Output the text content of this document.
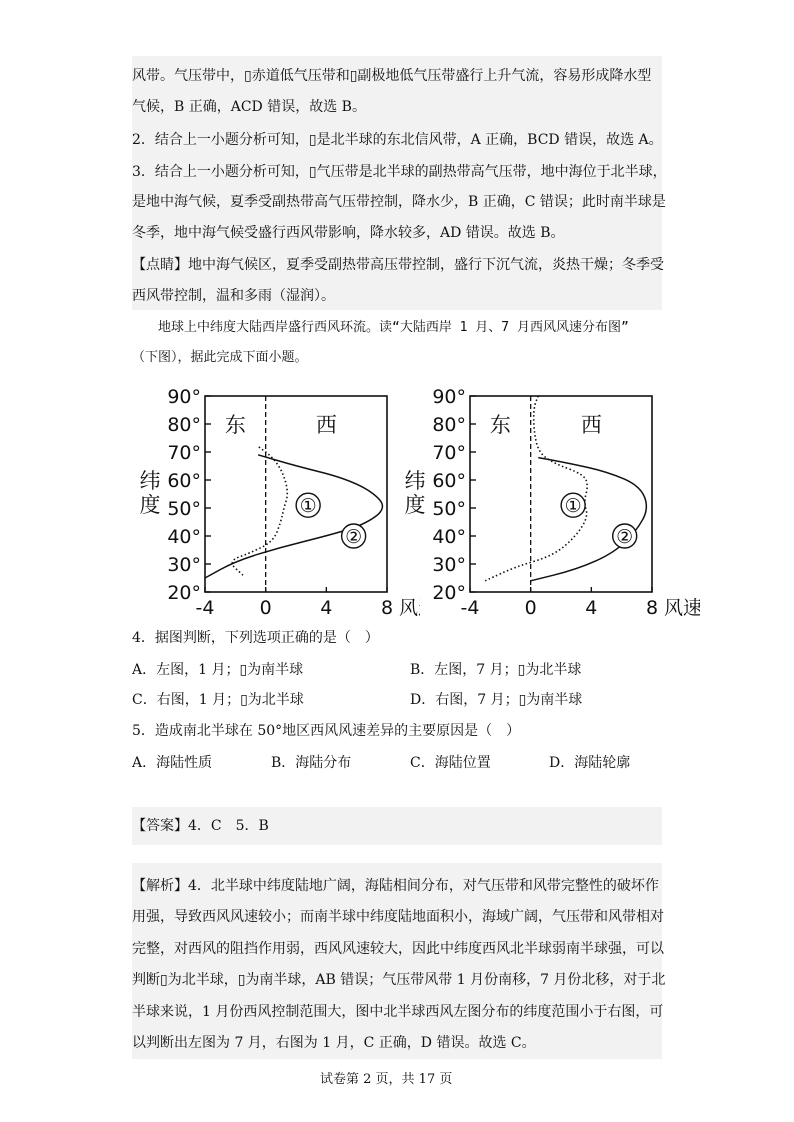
风带。气压带中，▯赤道低气压带和▯副极地低气压带盛行上升气流，容易形成降水型
气候，B 正确，ACD 错误，故选 B。
2．结合上一小题分析可知，▯是北半球的东北信风带，A 正确，BCD 错误，故选 A。
3．结合上一小题分析可知，▯气压带是北半球的副热带高气压带，地中海位于北半球，
是地中海气候，夏季受副热带高气压带控制，降水少，B 正确，C 错误；此时南半球是
冬季，地中海气候受盛行西风带影响，降水较多，AD 错误。故选 B。
【点睛】地中海气候区，夏季受副热带高压带控制，盛行下沉气流，炎热干燥；冬季受
西风带控制，温和多雨（湿润）。
地球上中纬度大陆西岸盛行西风环流。读“大陆西岸 1 月、7 月西风风速分布图”
（下图），据此完成下面小题。
20°
30°
40°
50°
60°
70°
80°
90°
-4 0	4	8 风
纬
度
东	西
①
②
20°
30°
40°
50°
60°
70°
80°
90°
-4 0	4	8 风速
纬
度
东	西
①
②
4．据图判断，下列选项正确的是（　）
A．左图，1 月；▯为南半球	B．左图，7 月；▯为北半球
C．右图，1 月；▯为北半球	D．右图，7 月；▯为南半球
5．造成南北半球在 50°地区西风风速差异的主要原因是（　）
A．海陆性质	B．海陆分布	C．海陆位置	D．海陆轮廓
【答案】4．C　5．B
【解析】4．北半球中纬度陆地广阔，海陆相间分布，对气压带和风带完整性的破坏作
用强，导致西风风速较小；而南半球中纬度陆地面积小，海域广阔，气压带和风带相对
完整，对西风的阻挡作用弱，西风风速较大，因此中纬度西风北半球弱南半球强，可以
判断▯为北半球，▯为南半球，AB 错误；气压带风带 1 月份南移，7 月份北移，对于北
半球来说，1 月份西风控制范围大，图中北半球西风左图分布的纬度范围小于右图，可
以判断出左图为 7 月，右图为 1 月，C 正确，D 错误。故选 C。
试卷第 2 页，共 17 页
